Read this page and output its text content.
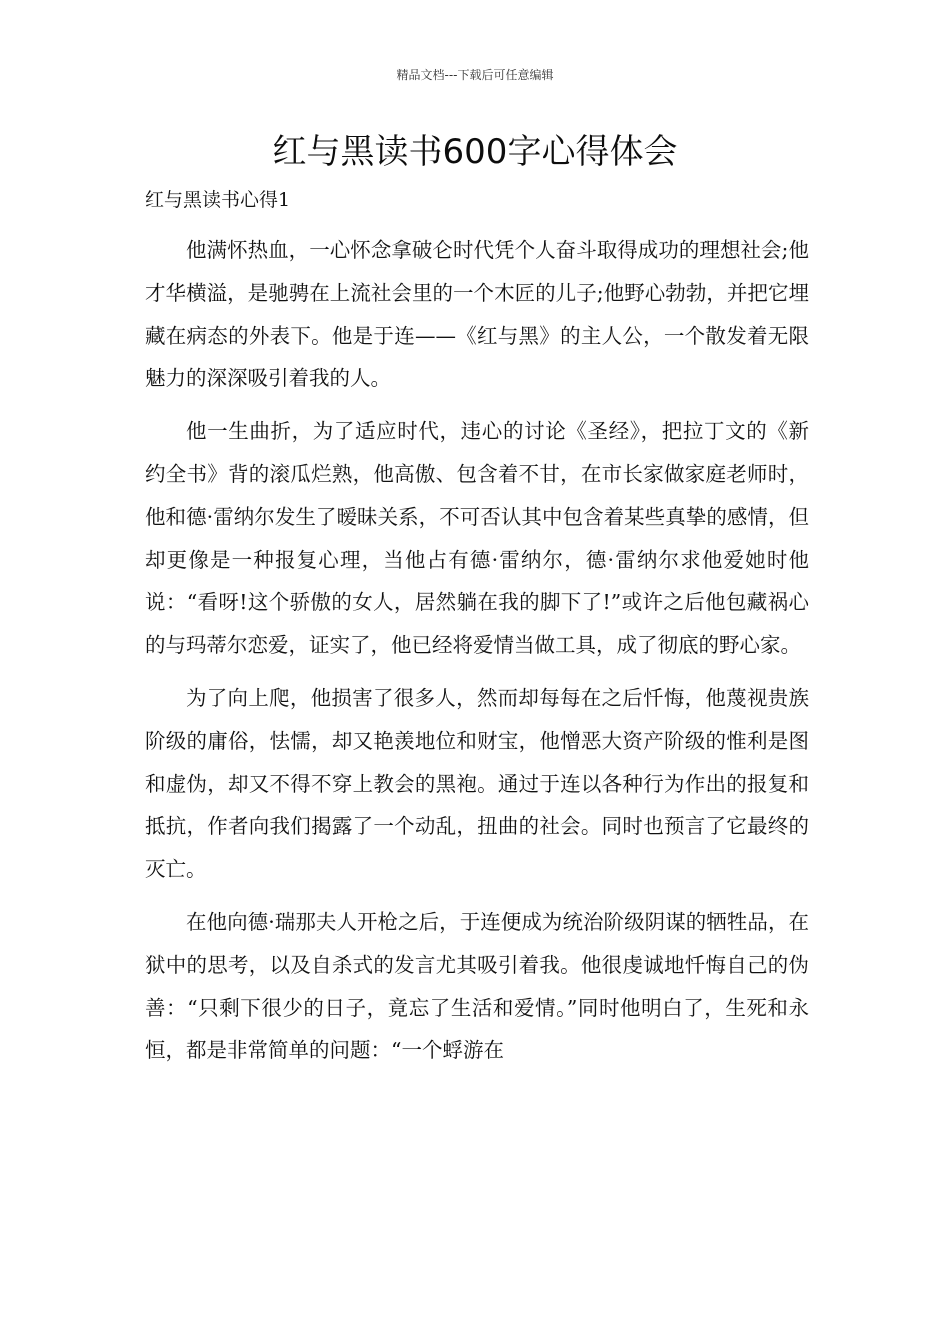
精品文档---下载后可任意编辑
红与黑读书600字心得体会
红与黑读书心得1

他满怀热血，一心怀念拿破仑时代凭个人奋斗取得成功的理想社会;他才华横溢，是驰骋在上流社会里的一个木匠的儿子;他野心勃勃，并把它埋藏在病态的外表下。他是于连——《红与黑》的主人公，一个散发着无限魅力的深深吸引着我的人。

他一生曲折，为了适应时代，违心的讨论《圣经》，把拉丁文的《新约全书》背的滚瓜烂熟，他高傲、包含着不甘，在市长家做家庭老师时，他和德·雷纳尔发生了暧昧关系，不可否认其中包含着某些真挚的感情，但却更像是一种报复心理，当他占有德·雷纳尔，德·雷纳尔求他爱她时他说：“看呀!这个骄傲的女人，居然躺在我的脚下了!”或许之后他包藏祸心的与玛蒂尔恋爱，证实了，他已经将爱情当做工具，成了彻底的野心家。

为了向上爬，他损害了很多人，然而却每每在之后忏悔，他蔑视贵族阶级的庸俗，怯懦，却又艳羡地位和财宝，他憎恶大资产阶级的惟利是图和虚伪，却又不得不穿上教会的黑袍。通过于连以各种行为作出的报复和抵抗，作者向我们揭露了一个动乱，扭曲的社会。同时也预言了它最终的灭亡。

在他向德·瑞那夫人开枪之后，于连便成为统治阶级阴谋的牺牲品，在狱中的思考，以及自杀式的发言尤其吸引着我。他很虔诚地忏悔自己的伪善：“只剩下很少的日子，竟忘了生活和爱情。”同时他明白了，生死和永恒，都是非常简单的问题：“一个蜉游在
